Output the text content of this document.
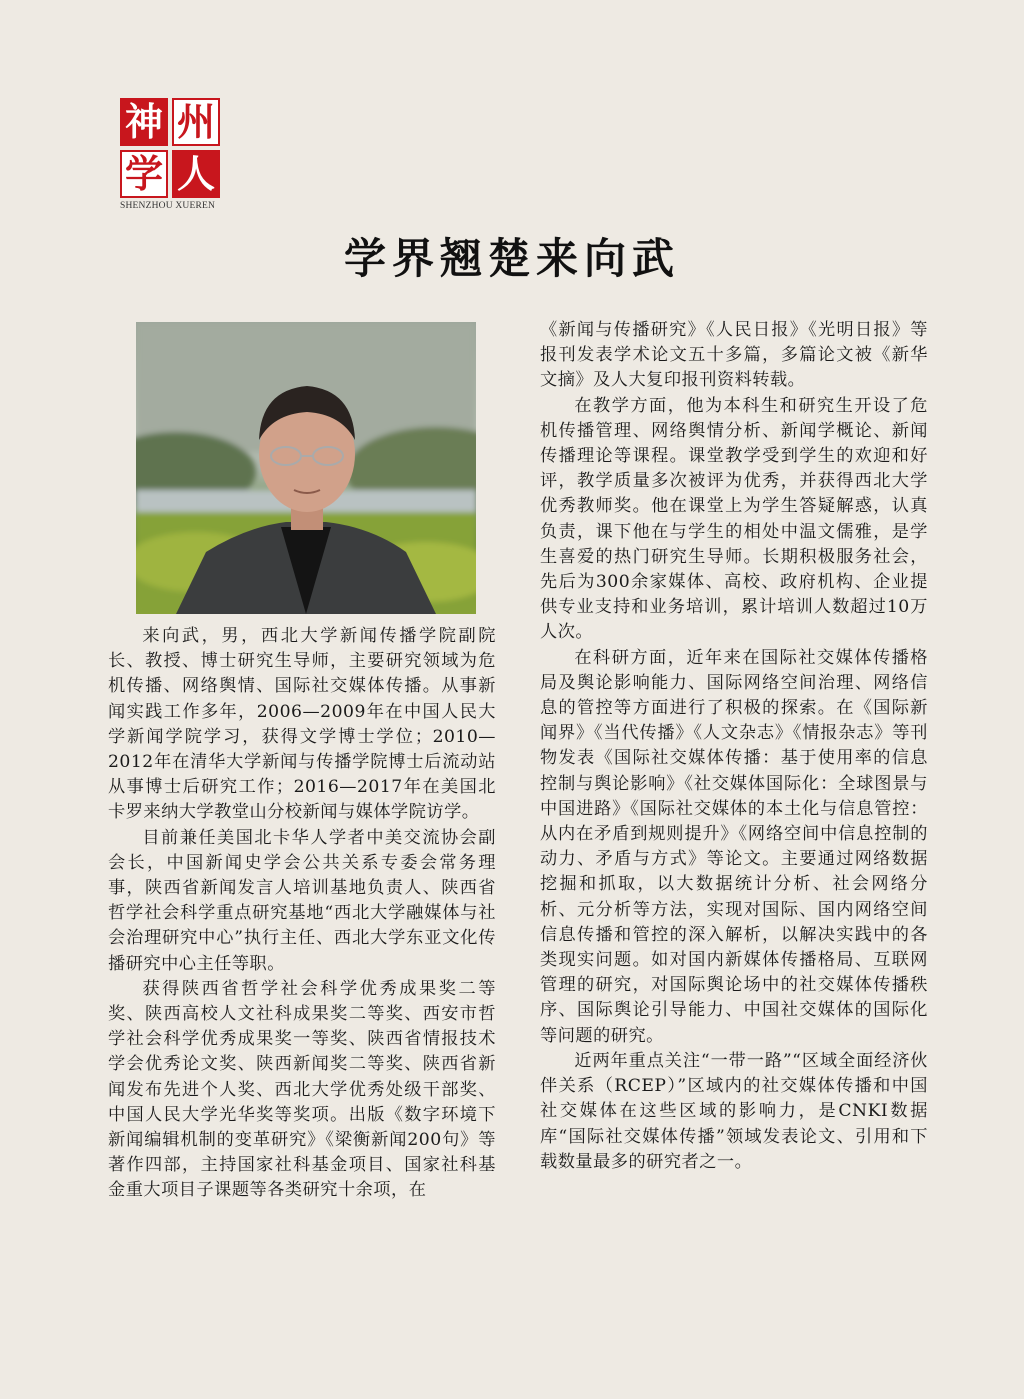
神 州
学 人
SHENZHOU XUEREN
学界翘楚来向武

来向武，男，西北大学新闻传播学院副院长、教授、博士研究生导师，主要研究领域为危机传播、网络舆情、国际社交媒体传播。从事新闻实践工作多年，2006—2009年在中国人民大学新闻学院学习，获得文学博士学位；2010—2012年在清华大学新闻与传播学院博士后流动站从事博士后研究工作；2016—2017年在美国北卡罗来纳大学教堂山分校新闻与媒体学院访学。

目前兼任美国北卡华人学者中美交流协会副会长，中国新闻史学会公共关系专委会常务理事，陕西省新闻发言人培训基地负责人、陕西省哲学社会科学重点研究基地“西北大学融媒体与社会治理研究中心”执行主任、西北大学东亚文化传播研究中心主任等职。

获得陕西省哲学社会科学优秀成果奖二等奖、陕西高校人文社科成果奖二等奖、西安市哲学社会科学优秀成果奖一等奖、陕西省情报技术学会优秀论文奖、陕西新闻奖二等奖、陕西省新闻发布先进个人奖、西北大学优秀处级干部奖、中国人民大学光华奖等奖项。出版《数字环境下新闻编辑机制的变革研究》《梁衡新闻200句》等著作四部，主持国家社科基金项目、国家社科基金重大项目子课题等各类研究十余项，在

《新闻与传播研究》《人民日报》《光明日报》等报刊发表学术论文五十多篇，多篇论文被《新华文摘》及人大复印报刊资料转载。

在教学方面，他为本科生和研究生开设了危机传播管理、网络舆情分析、新闻学概论、新闻传播理论等课程。课堂教学受到学生的欢迎和好评，教学质量多次被评为优秀，并获得西北大学优秀教师奖。他在课堂上为学生答疑解惑，认真负责，课下他在与学生的相处中温文儒雅，是学生喜爱的热门研究生导师。长期积极服务社会，先后为300余家媒体、高校、政府机构、企业提供专业支持和业务培训，累计培训人数超过10万人次。

在科研方面，近年来在国际社交媒体传播格局及舆论影响能力、国际网络空间治理、网络信息的管控等方面进行了积极的探索。在《国际新闻界》《当代传播》《人文杂志》《情报杂志》等刊物发表《国际社交媒体传播：基于使用率的信息控制与舆论影响》《社交媒体国际化：全球图景与中国进路》《国际社交媒体的本土化与信息管控：从内在矛盾到规则提升》《网络空间中信息控制的动力、矛盾与方式》等论文。主要通过网络数据挖掘和抓取，以大数据统计分析、社会网络分析、元分析等方法，实现对国际、国内网络空间信息传播和管控的深入解析，以解决实践中的各类现实问题。如对国内新媒体传播格局、互联网管理的研究，对国际舆论场中的社交媒体传播秩序、国际舆论引导能力、中国社交媒体的国际化等问题的研究。

近两年重点关注“一带一路”“区域全面经济伙伴关系（RCEP）”区域内的社交媒体传播和中国社交媒体在这些区域的影响力，是CNKI数据库“国际社交媒体传播”领域发表论文、引用和下载数量最多的研究者之一。
